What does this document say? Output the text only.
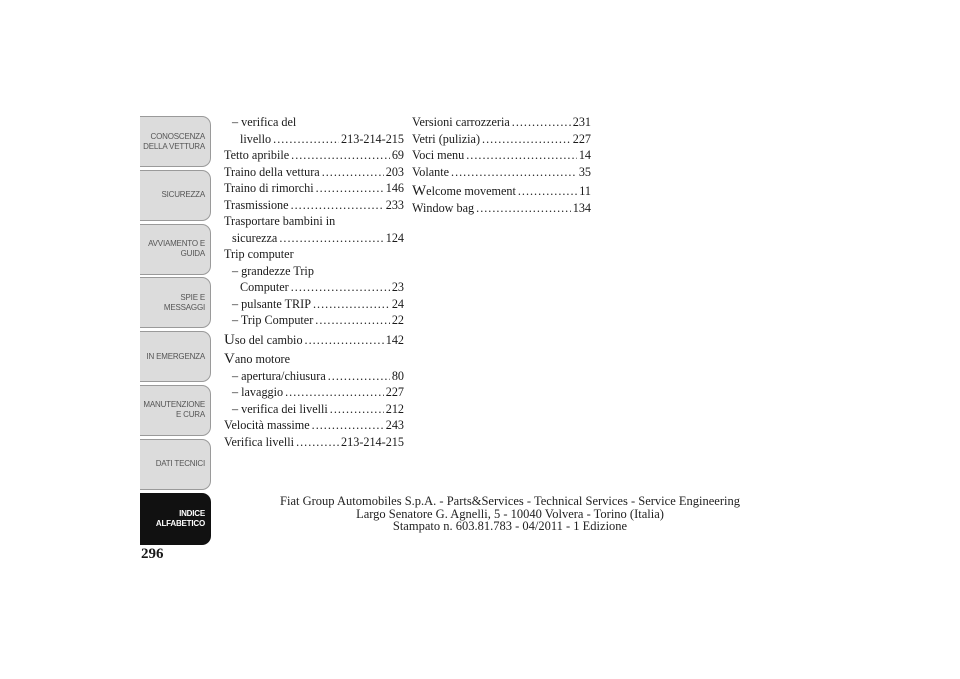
CONOSCENZA DELLA VETTURA
SICUREZZA
AVVIAMENTO E GUIDA
SPIE E MESSAGGI
IN EMERGENZA
MANUTENZIONE E CURA
DATI TECNICI
INDICE ALFABETICO
296
– verifica del
livello .....	213-214-215
Tetto apribile .....	69
Traino della vettura .....	203
Traino di rimorchi .....	146
Trasmissione .....	233
Trasportare bambini in
sicurezza .....	124
Trip computer
– grandezze Trip
Computer .....	23
– pulsante TRIP .....	24
– Trip Computer .....	22
Uso del cambio .....	142
Vano motore
– apertura/chiusura .....	80
– lavaggio .....	227
– verifica dei livelli .....	212
Velocità massime .....	243
Verifica livelli .....	213-214-215
Versioni carrozzeria .....	231
Vetri (pulizia) .....	227
Voci menu .....	14
Volante .....	35
Welcome movement .....	11
Window bag .....	134
Fiat Group Automobiles S.p.A. - Parts&Services - Technical Services - Service Engineering
Largo Senatore G. Agnelli, 5 - 10040 Volvera - Torino (Italia)
Stampato n. 603.81.783 - 04/2011 - 1 Edizione
